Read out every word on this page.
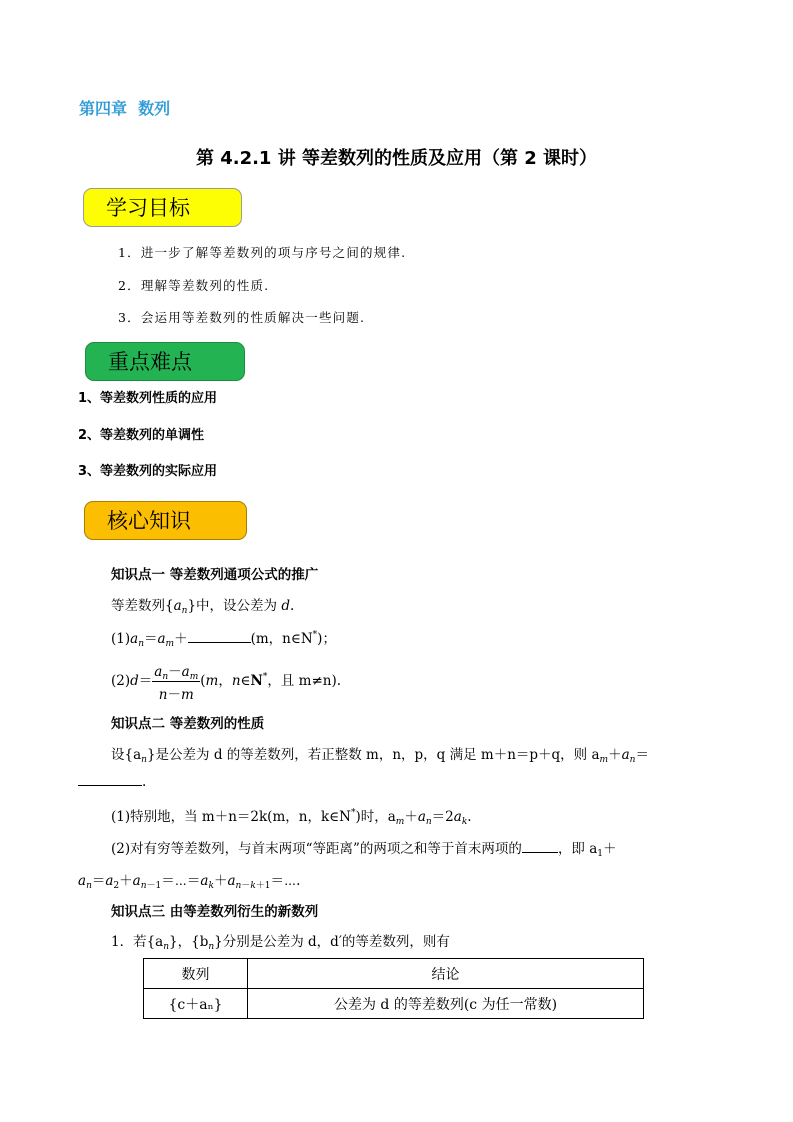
第四章  数列
第 4.2.1 讲 等差数列的性质及应用（第 2 课时）
学习目标
1．进一步了解等差数列的项与序号之间的规律.
2．理解等差数列的性质.
3．会运用等差数列的性质解决一些问题.
重点难点
1、等差数列性质的应用
2、等差数列的单调性
3、等差数列的实际应用
核心知识
知识点一 等差数列通项公式的推广
等差数列$\{a_n\}$中，设公差为 d.
$(1)a_n=a_m+$	(m，n∈N*)；
$(2)d= \frac{a_n-a_m}{n-m} (m$，n∈N*，且 m≠n).
知识点二 等差数列的性质
设$\{a_n\}$是公差为 d 的等差数列，若正整数 m，n，p，q 满足 m＋n＝p＋q，则 $a_m+a_n=$
.
(1)特别地，当 m＋n＝2k(m，n，k∈N*)时，$a_m+a_n=2a_k$.
(2)对有穷等差数列，与首末两项“等距离”的两项之和等于首末两项的	，即 $a_1+$
$a_n=a_2+a_{n-1}=\cdots=a_k+a_{n-k+1}=\cdots$.
知识点三 由等差数列衍生的新数列
1．若$\{a_n\}$，$\{b_n\}$分别是公差为 d，d′的等差数列，则有
数列	结论
{c＋aₙ}	公差为 d 的等差数列(c 为任一常数)
